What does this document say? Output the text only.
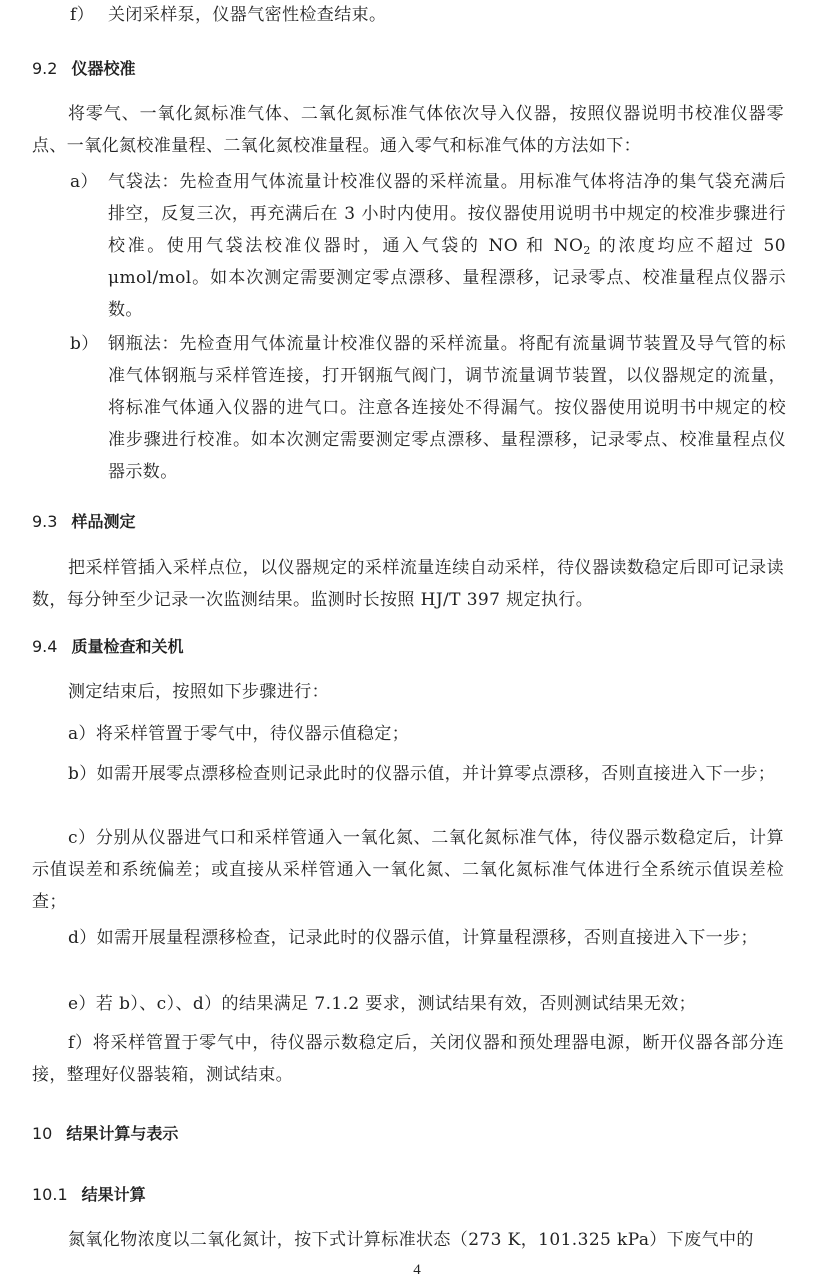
f） 关闭采样泵，仪器气密性检查结束。
9.2 仪器校准

将零气、一氧化氮标准气体、二氧化氮标准气体依次导入仪器，按照仪器说明书校准仪器零点、一氧化氮校准量程、二氧化氮校准量程。通入零气和标准气体的方法如下：

a） 气袋法：先检查用气体流量计校准仪器的采样流量。用标准气体将洁净的集气袋充满后排空，反复三次，再充满后在 3 小时内使用。按仪器使用说明书中规定的校准步骤进行校准。使用气袋法校准仪器时，通入气袋的 NO 和 $NO_2$ 的浓度均应不超过 50 μmol/mol。如本次测定需要测定零点漂移、量程漂移，记录零点、校准量程点仪器示数。
b） 钢瓶法：先检查用气体流量计校准仪器的采样流量。将配有流量调节装置及导气管的标准气体钢瓶与采样管连接，打开钢瓶气阀门，调节流量调节装置，以仪器规定的流量，将标准气体通入仪器的进气口。注意各连接处不得漏气。按仪器使用说明书中规定的校准步骤进行校准。如本次测定需要测定零点漂移、量程漂移，记录零点、校准量程点仪器示数。
9.3 样品测定

把采样管插入采样点位，以仪器规定的采样流量连续自动采样，待仪器读数稳定后即可记录读数，每分钟至少记录一次监测结果。监测时长按照 HJ/T 397 规定执行。

9.4 质量检查和关机

测定结束后，按照如下步骤进行：

a）将采样管置于零气中，待仪器示值稳定；

b）如需开展零点漂移检查则记录此时的仪器示值，并计算零点漂移，否则直接进入下一步；

c）分别从仪器进气口和采样管通入一氧化氮、二氧化氮标准气体，待仪器示数稳定后，计算示值误差和系统偏差；或直接从采样管通入一氧化氮、二氧化氮标准气体进行全系统示值误差检查；

d）如需开展量程漂移检查，记录此时的仪器示值，计算量程漂移，否则直接进入下一步；

e）若 b）、c）、d）的结果满足 7.1.2 要求，测试结果有效，否则测试结果无效；

f）将采样管置于零气中，待仪器示数稳定后，关闭仪器和预处理器电源，断开仪器各部分连接，整理好仪器装箱，测试结束。

10 结果计算与表示
10.1 结果计算

氮氧化物浓度以二氧化氮计，按下式计算标准状态（273 K，101.325 kPa）下废气中的

4
